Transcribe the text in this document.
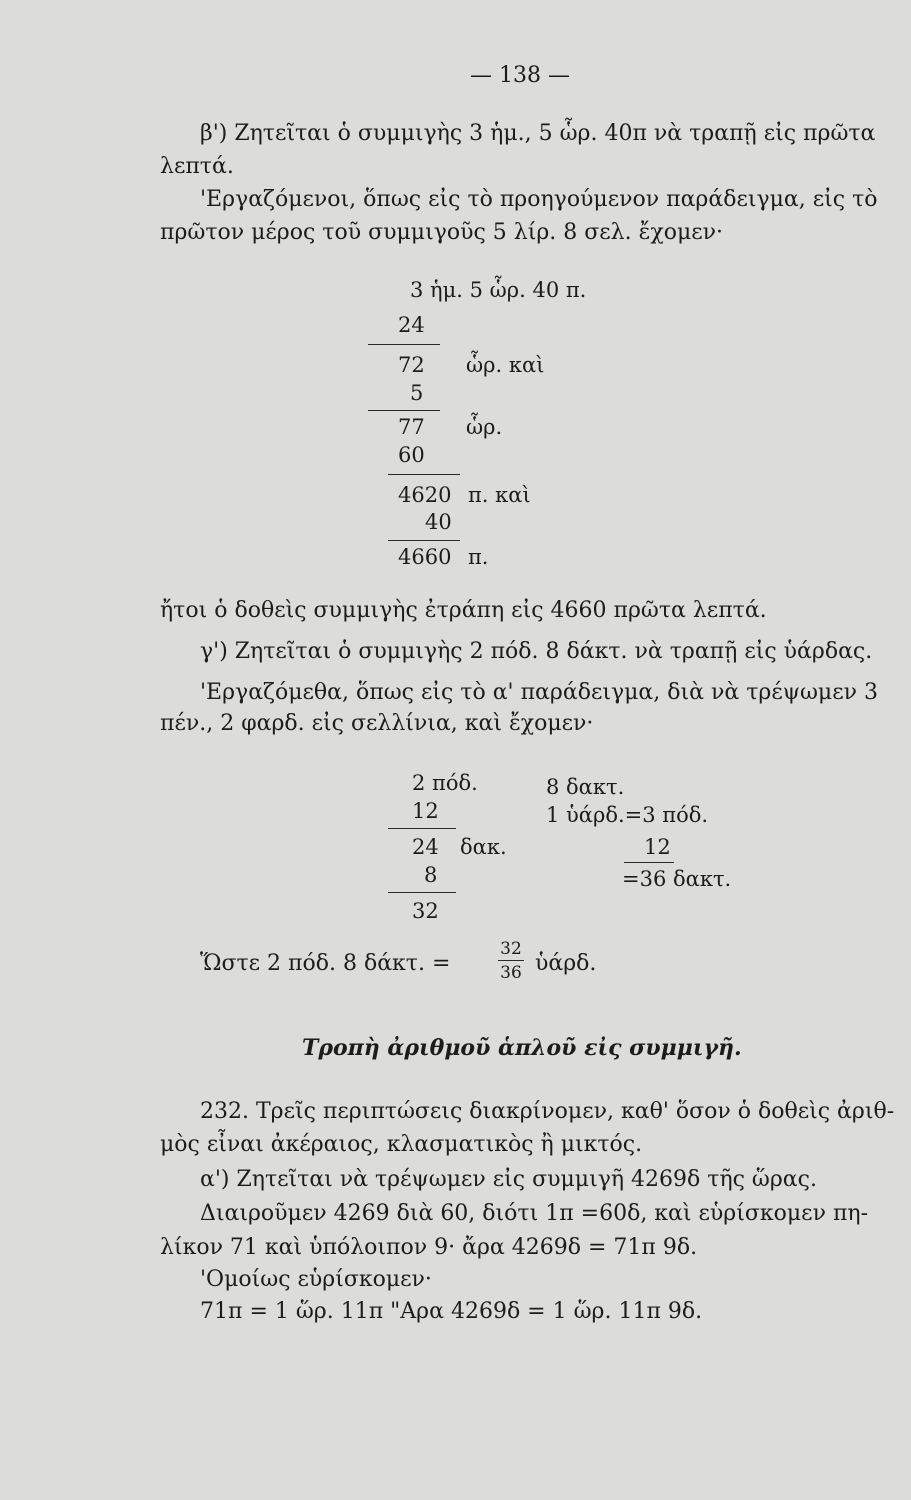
— 138 —
β') Ζητεῖται ὁ συμμιγὴς 3 ἡμ., 5 ὧρ. 40π νὰ τραπῇ εἰς πρῶτα
λεπτά.
'Εργαζόμενοι, ὅπως εἰς τὸ προηγούμενον παράδειγμα, εἰς τὸ
πρῶτον μέρος τοῦ συμμιγοῦς 5 λίρ. 8 σελ. ἔχομεν·
3 ἡμ. 5 ὧρ. 40 π.
24
72 ὧρ. καὶ
5
77 ὧρ.
60
4620 π. καὶ
40
4660 π.
ἤτοι ὁ δοθεὶς συμμιγὴς ἐτράπη εἰς 4660 πρῶτα λεπτά.
γ') Ζητεῖται ὁ συμμιγὴς 2 πόδ. 8 δάκτ. νὰ τραπῇ εἰς ὑάρδας.
'Εργαζόμεθα, ὅπως εἰς τὸ α' παράδειγμα, διὰ νὰ τρέψωμεν 3
πέν., 2 φαρδ. εἰς σελλίνια, καὶ ἔχομεν·
2 πόδ.
12
24 δακ.
8
32
8 δακτ.
1 ὑάρδ.=3 πόδ.
12
=36 δακτ.
Ὥστε 2 πόδ. 8 δάκτ. =
32
36 ὑάρδ.
Τροπὴ ἀριθμοῦ ἁπλοῦ εἰς συμμιγῆ.
232. Τρεῖς περιπτώσεις διακρίνομεν, καθ' ὅσον ὁ δοθεὶς ἀριθ-
μὸς εἶναι ἀκέραιος, κλασματικὸς ἢ μικτός.
α') Ζητεῖται νὰ τρέψωμεν εἰς συμμιγῆ 4269δ τῆς ὥρας.
Διαιροῦμεν 4269 διὰ 60, διότι 1π =60δ, καὶ εὑρίσκομεν πη-
λίκον 71 καὶ ὑπόλοιπον 9· ἄρα 4269δ = 71π 9δ.
'Ομοίως εὑρίσκομεν·
71π = 1 ὥρ. 11π "Αρα 4269δ = 1 ὥρ. 11π 9δ.
